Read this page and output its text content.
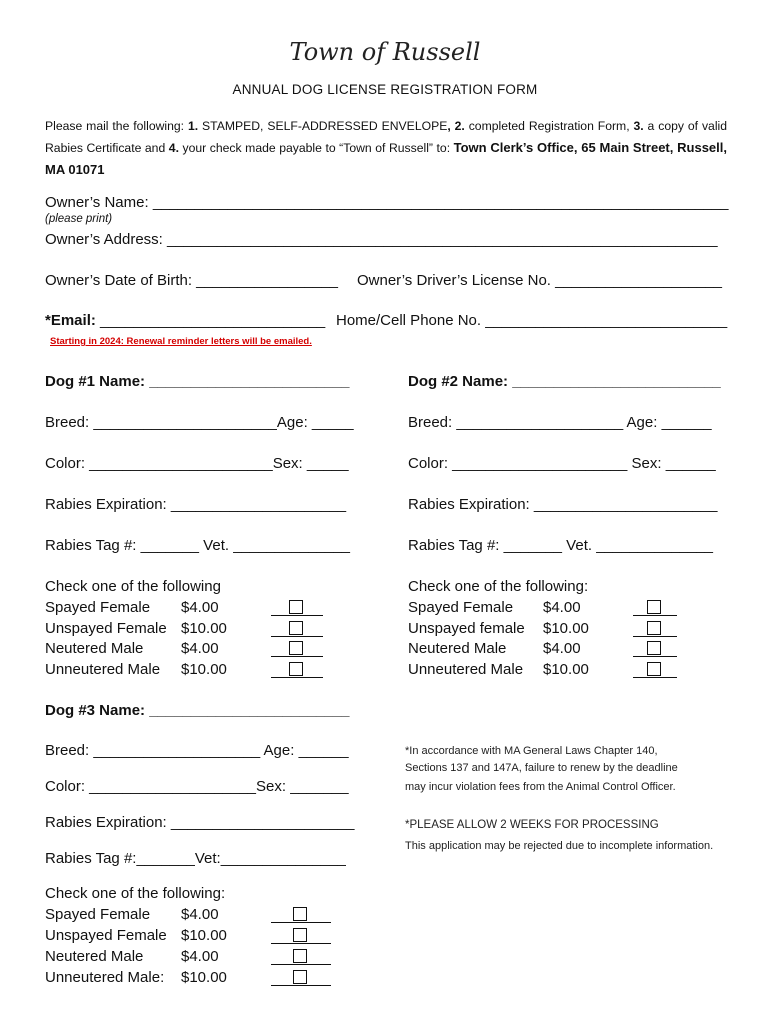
Town of Russell
ANNUAL DOG LICENSE REGISTRATION FORM
Please mail the following: 1. STAMPED, SELF-ADDRESSED ENVELOPE, 2. completed Registration Form, 3. a copy of valid Rabies Certificate and 4. your check made payable to “Town of Russell” to: Town Clerk’s Office, 65 Main Street, Russell, MA 01071
Owner’s Name: _____________________________________________________________________
(please print)
Owner’s Address: __________________________________________________________________
Owner’s Date of Birth: _________________ Owner’s Driver’s License No. ____________________
*Email: ___________________________ Home/Cell Phone No. _____________________________
Starting in 2024: Renewal reminder letters will be emailed.
Dog #1 Name: ________________________
Breed: ______________________Age: _____
Color: ______________________Sex: _____
Rabies Expiration: _____________________
Rabies Tag #: _______ Vet. ______________
Check one of the following
Spayed Female $4.00
Unspayed Female $10.00
Neutered Male	$4.00
Unneutered Male $10.00
Dog #2 Name: _________________________
Breed: ____________________ Age: ______
Color: _____________________ Sex: ______
Rabies Expiration: ______________________
Rabies Tag #: _______ Vet. ______________
Check one of the following:
Spayed Female $4.00
Unspayed female $10.00
Neutered Male $4.00
Unneutered Male $10.00
Dog #3 Name: ________________________
Breed: ____________________ Age: ______
Color: ____________________Sex: _______
Rabies Expiration: ______________________
Rabies Tag #:_______Vet:_______________
Check one of the following:
Spayed Female $4.00
Unspayed Female $10.00
Neutered Male	$4.00
Unneutered Male: $10.00
*In accordance with MA General Laws Chapter 140,
Sections 137 and 147A, failure to renew by the deadline
may incur violation fees from the Animal Control Officer.
*PLEASE ALLOW 2 WEEKS FOR PROCESSING
This application may be rejected due to incomplete information.
